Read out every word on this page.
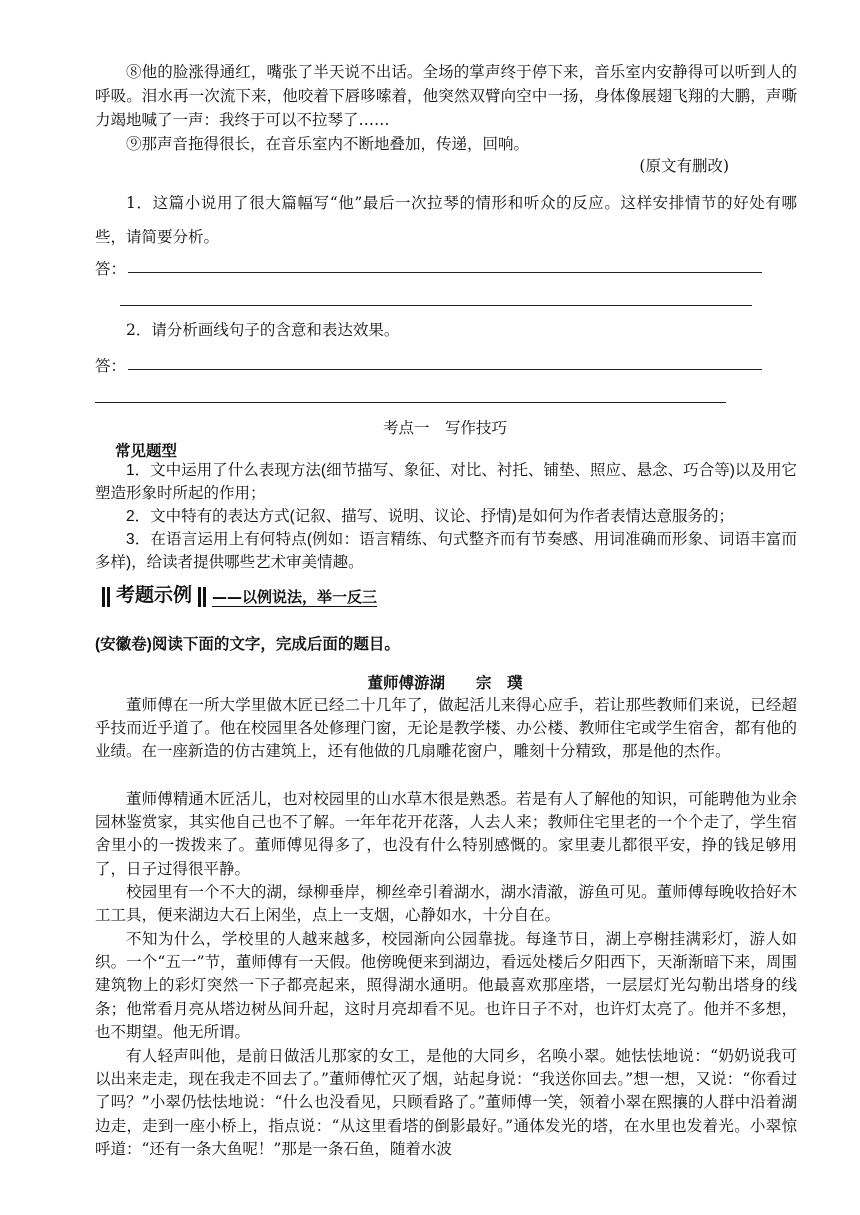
⑧他的脸涨得通红，嘴张了半天说不出话。全场的掌声终于停下来，音乐室内安静得可以听到人的呼吸。泪水再一次流下来，他咬着下唇哆嗦着，他突然双臂向空中一扬，身体像展翅飞翔的大鹏，声嘶力竭地喊了一声：我终于可以不拉琴了……

⑨那声音拖得很长，在音乐室内不断地叠加，传递，回响。

(原文有删改)

1．这篇小说用了很大篇幅写“他”最后一次拉琴的情形和听众的反应。这样安排情节的好处有哪些，请简要分析。

答：

2．请分析画线句子的含意和表达效果。

答：

考点一　写作技巧

常见题型

1．文中运用了什么表现方法(细节描写、象征、对比、衬托、铺垫、照应、悬念、巧合等)以及用它塑造形象时所起的作用；

2．文中特有的表达方式(记叙、描写、说明、议论、抒情)是如何为作者表情达意服务的；

3．在语言运用上有何特点(例如：语言精练、句式整齐而有节奏感、用词准确而形象、词语丰富而多样)，给读者提供哪些艺术审美情趣。

考题示例 ——以例说法，举一反三

(安徽卷)阅读下面的文字，完成后面的题目。

董师傅游湖　　宗　璞

董师傅在一所大学里做木匠已经二十几年了，做起活儿来得心应手，若让那些教师们来说，已经超乎技而近乎道了。他在校园里各处修理门窗，无论是教学楼、办公楼、教师住宅或学生宿舍，都有他的业绩。在一座新造的仿古建筑上，还有他做的几扇雕花窗户，雕刻十分精致，那是他的杰作。

董师傅精通木匠活儿，也对校园里的山水草木很是熟悉。若是有人了解他的知识，可能聘他为业余园林鉴赏家，其实他自己也不了解。一年年花开花落，人去人来；教师住宅里老的一个个走了，学生宿舍里小的一拨拨来了。董师傅见得多了，也没有什么特别感慨的。家里妻儿都很平安，挣的钱足够用了，日子过得很平静。

校园里有一个不大的湖，绿柳垂岸，柳丝牵引着湖水，湖水清澈，游鱼可见。董师傅每晚收拾好木工工具，便来湖边大石上闲坐，点上一支烟，心静如水，十分自在。

不知为什么，学校里的人越来越多，校园渐向公园靠拢。每逢节日，湖上亭榭挂满彩灯，游人如织。一个“五一”节，董师傅有一天假。他傍晚便来到湖边，看远处楼后夕阳西下，天渐渐暗下来，周围建筑物上的彩灯突然一下子都亮起来，照得湖水通明。他最喜欢那座塔，一层层灯光勾勒出塔身的线条；他常看月亮从塔边树丛间升起，这时月亮却看不见。也许日子不对，也许灯太亮了。他并不多想，也不期望。他无所谓。

有人轻声叫他，是前日做活儿那家的女工，是他的大同乡，名唤小翠。她怯怯地说：“奶奶说我可以出来走走，现在我走不回去了。”董师傅忙灭了烟，站起身说：“我送你回去。”想一想，又说：“你看过了吗？”小翠仍怯怯地说：“什么也没看见，只顾看路了。”董师傅一笑，领着小翠在熙攘的人群中沿着湖边走，走到一座小桥上，指点说：“从这里看塔的倒影最好。”通体发光的塔，在水里也发着光。小翠惊呼道：“还有一条大鱼呢！”那是一条石鱼，随着水波
